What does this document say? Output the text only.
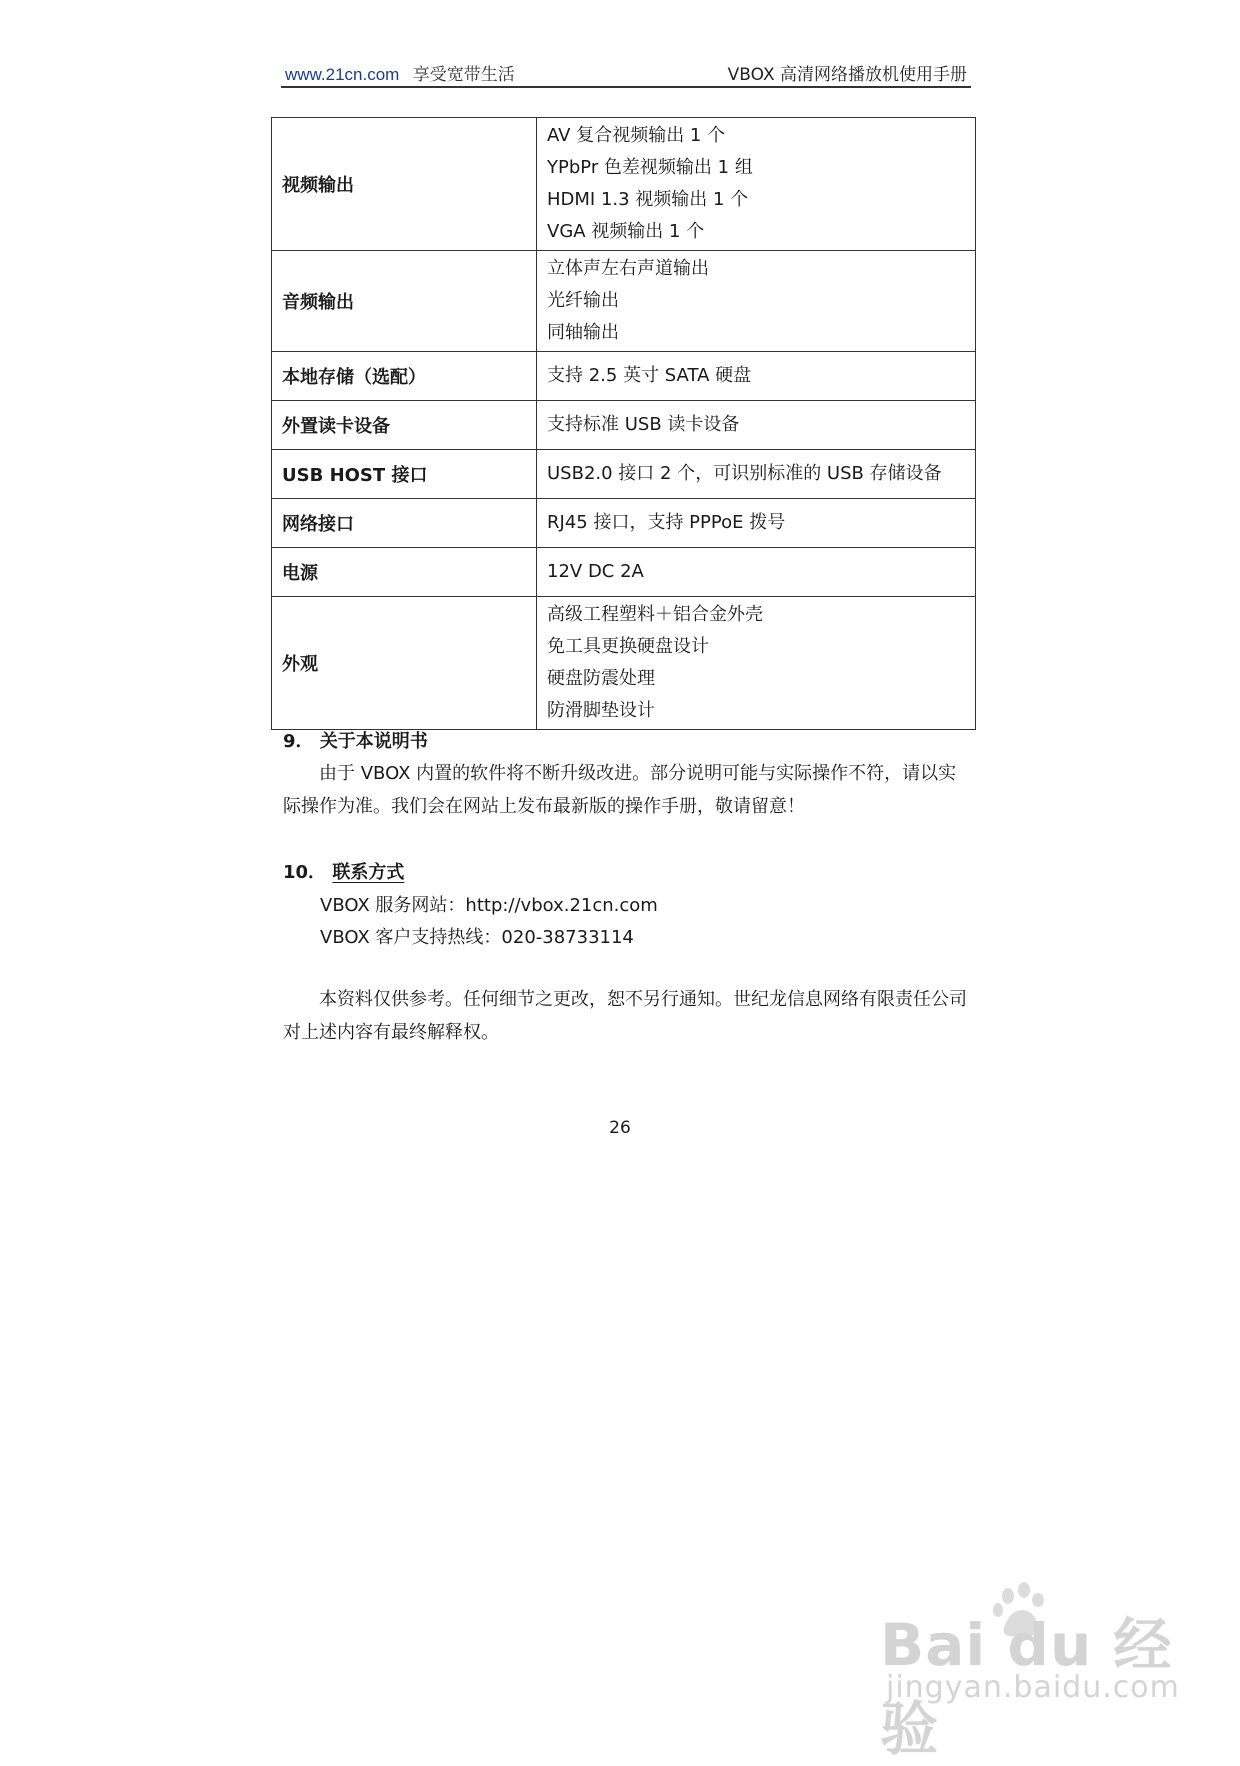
www.21cn.com 享受宽带生活	VBOX 高清网络播放机使用手册
视频输出	AV 复合视频输出 1 个
YPbPr 色差视频输出 1 组
HDMI 1.3 视频输出 1 个
VGA 视频输出 1 个

音频输出	立体声左右声道输出
光纤输出
同轴输出

本地存储（选配）	支持 2.5 英寸 SATA 硬盘

外置读卡设备	支持标准 USB 读卡设备

USB HOST 接口	USB2.0 接口 2 个，可识别标准的 USB 存储设备

网络接口	RJ45 接口，支持 PPPoE 拨号

电源	12V DC 2A

外观	高级工程塑料＋铝合金外壳
免工具更换硬盘设计
硬盘防震处理
防滑脚垫设计
9． 关于本说明书
由于 VBOX 内置的软件将不断升级改进。部分说明可能与实际操作不符，请以实际操作为准。我们会在网站上发布最新版的操作手册，敬请留意！
10． 联系方式
VBOX 服务网站：http://vbox.21cn.com
VBOX 客户支持热线：020-38733114
本资料仅供参考。任何细节之更改，恕不另行通知。世纪龙信息网络有限责任公司对上述内容有最终解释权。
26
Bai du 经验
jingyan.baidu.com
